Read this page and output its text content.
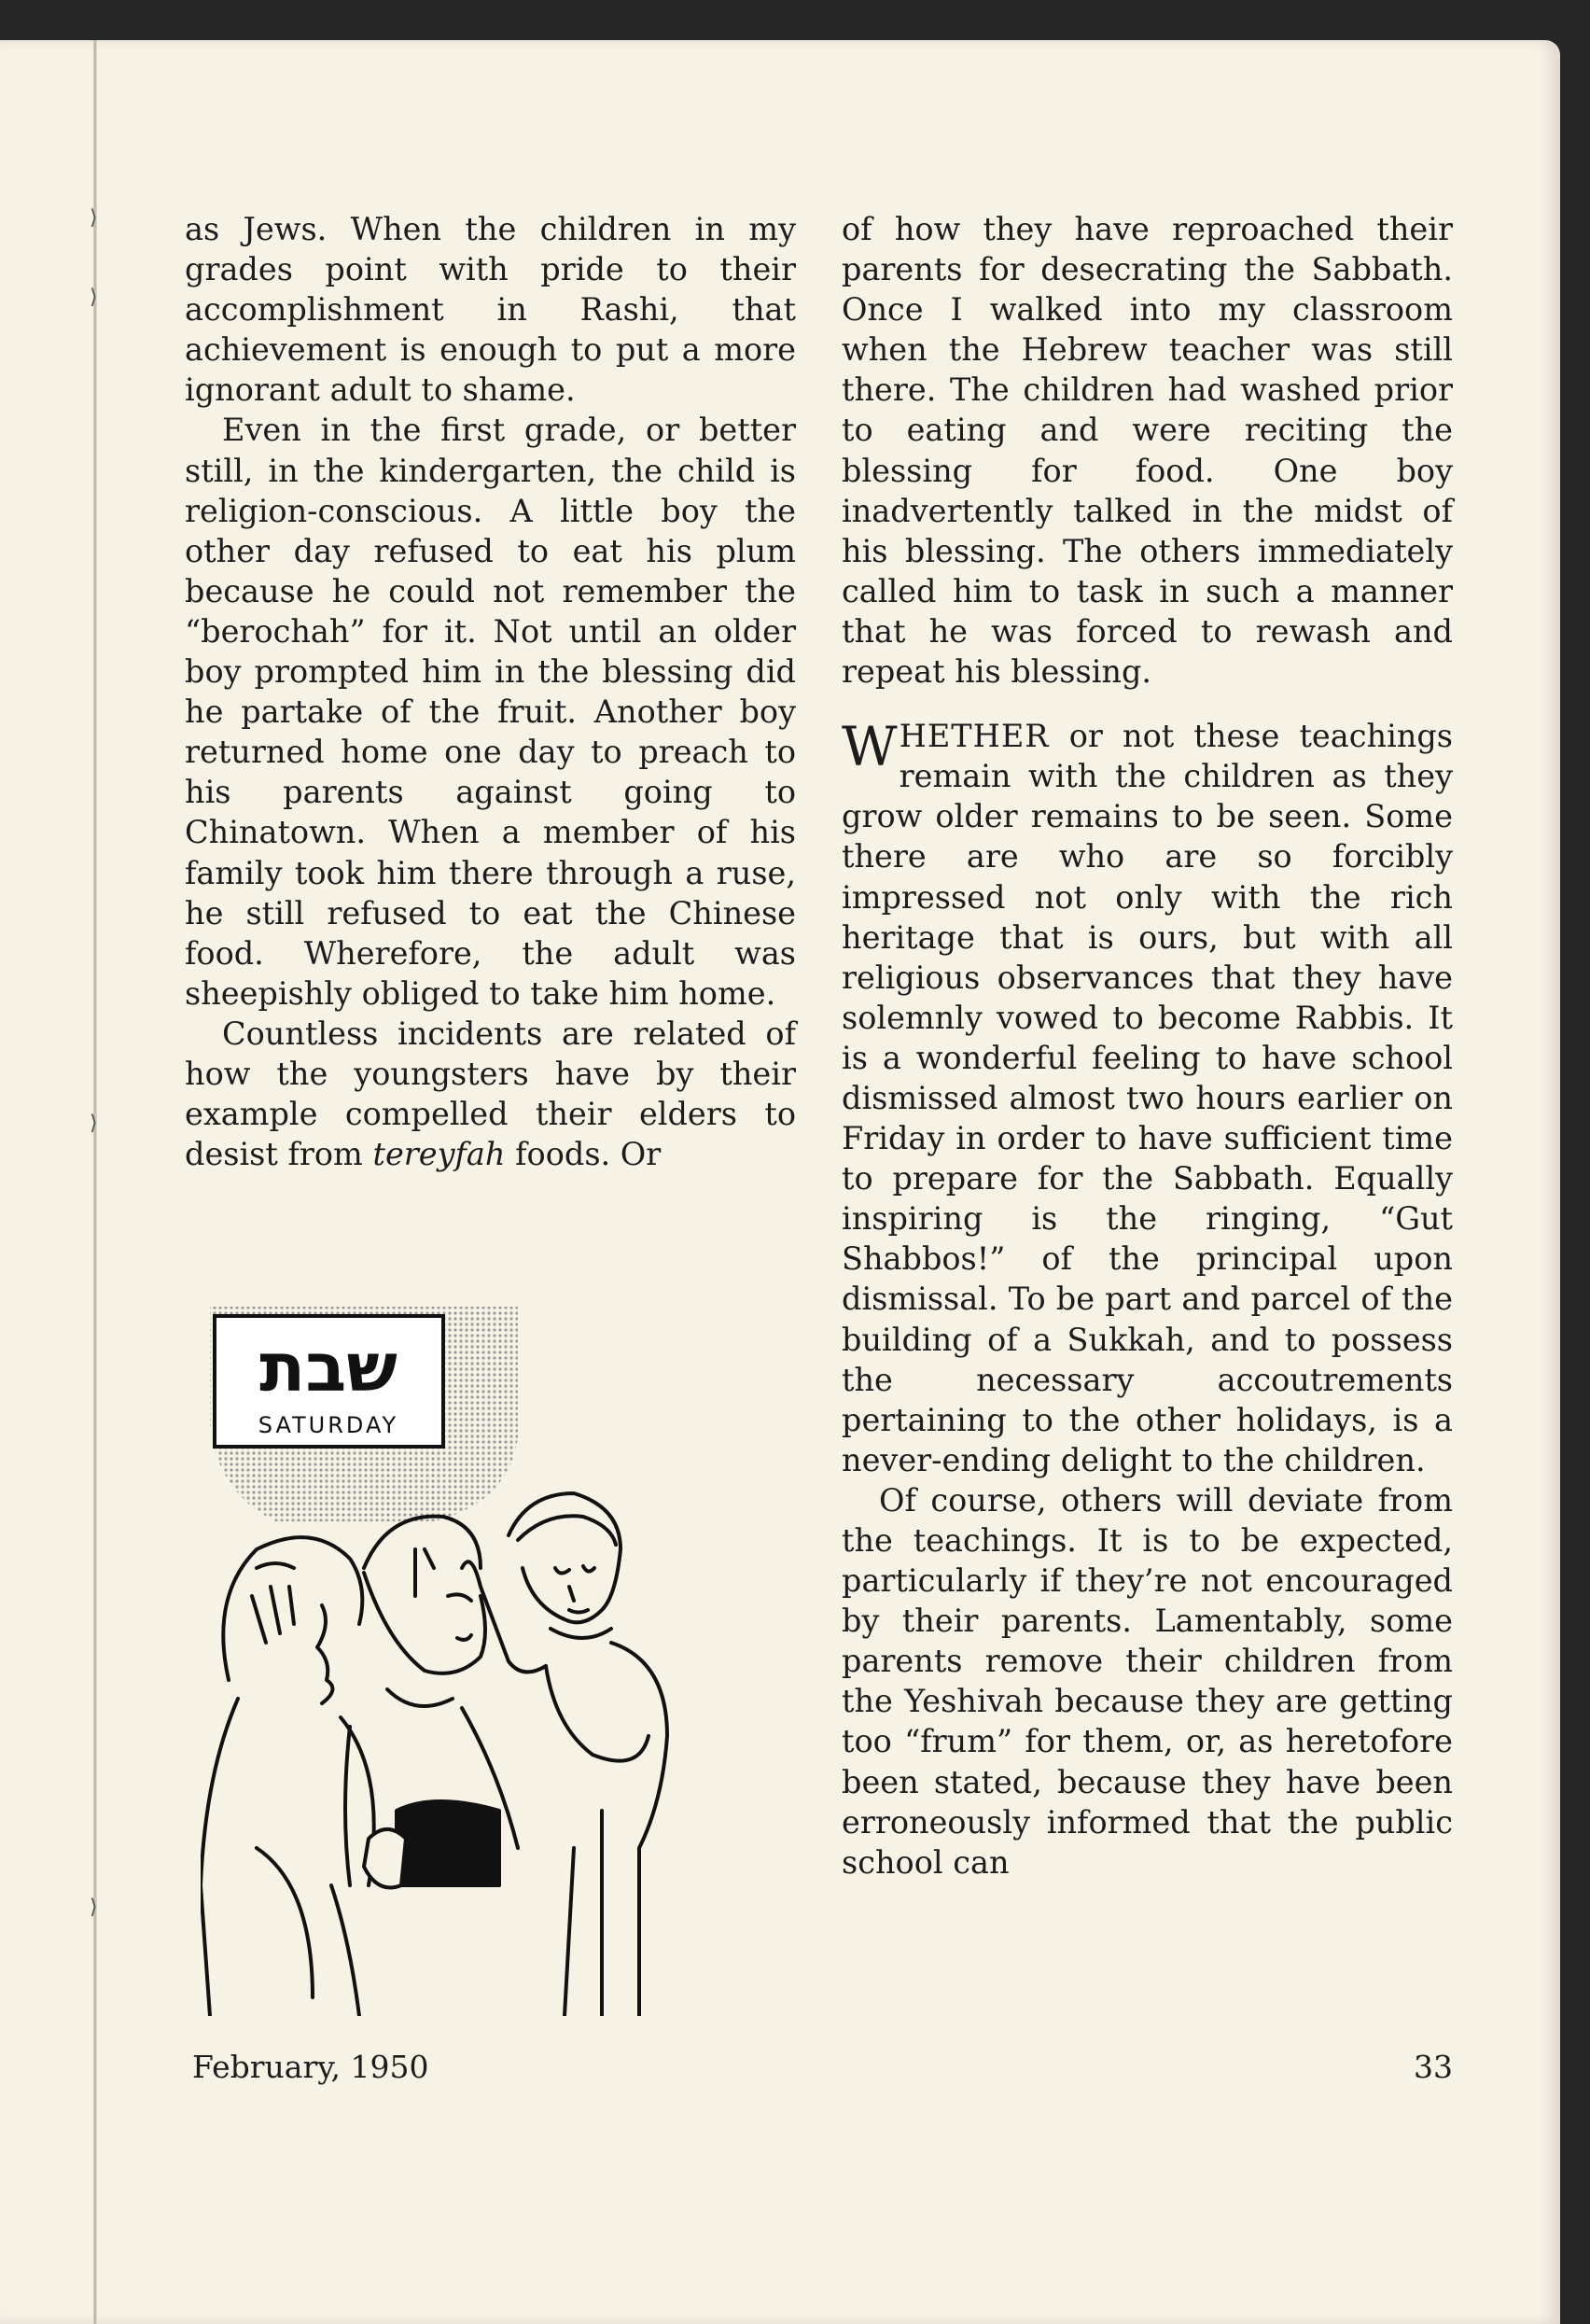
⟩
⟩
⟩
⟩

as Jews. When the children in my grades point with pride to their accomplishment in Rashi, that achievement is enough to put a more ignorant adult to shame.

Even in the first grade, or better still, in the kindergarten, the child is religion-conscious. A little boy the other day refused to eat his plum because he could not remember the “berochah” for it. Not until an older boy prompted him in the blessing did he partake of the fruit. Another boy returned home one day to preach to his parents against going to Chinatown. When a member of his family took him there through a ruse, he still refused to eat the Chinese food. Wherefore, the adult was sheepishly obliged to take him home.

Countless incidents are related of how the youngsters have by their example compelled their elders to desist from tereyfah foods. Or

שבת
SATURDAY

of how they have reproached their parents for desecrating the Sabbath. Once I walked into my classroom when the Hebrew teacher was still there. The children had washed prior to eating and were reciting the blessing for food. One boy inadvertently talked in the midst of his blessing. The others immediately called him to task in such a manner that he was forced to rewash and repeat his blessing.

WHETHER or not these teachings remain with the children as they grow older remains to be seen. Some there are who are so forcibly impressed not only with the rich heritage that is ours, but with all religious observances that they have solemnly vowed to become Rabbis. It is a wonderful feeling to have school dismissed almost two hours earlier on Friday in order to have sufficient time to prepare for the Sabbath. Equally inspiring is the ringing, “Gut Shabbos!” of the principal upon dismissal. To be part and parcel of the building of a Sukkah, and to possess the necessary accoutrements pertaining to the other holidays, is a never-ending delight to the children.

Of course, others will deviate from the teachings. It is to be expected, particularly if they’re not encouraged by their parents. Lamentably, some parents remove their children from the Yeshivah because they are getting too “frum” for them, or, as heretofore been stated, because they have been erroneously informed that the public school can

February, 1950	33
